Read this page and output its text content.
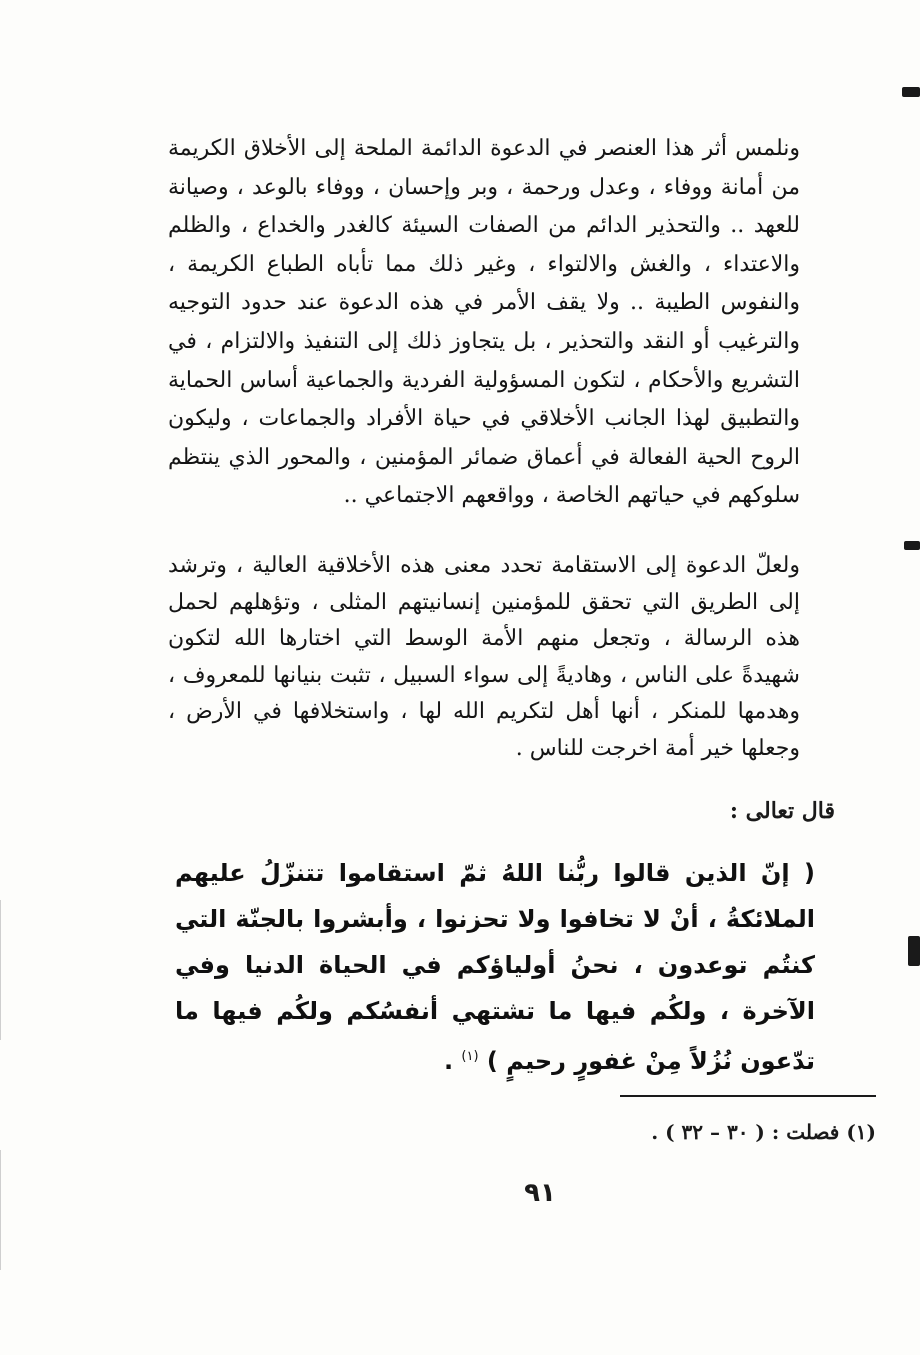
ونلمس أثر هذا العنصر في الدعوة الدائمة الملحة إلى الأخلاق الكريمة من أمانة ووفاء ، وعدل ورحمة ، وبر وإحسان ، ووفاء بالوعد ، وصيانة للعهد .. والتحذير الدائم من الصفات السيئة كالغدر والخداع ، والظلم والاعتداء ، والغش والالتواء ، وغير ذلك مما تأباه الطباع الكريمة ، والنفوس الطيبة .. ولا يقف الأمر في هذه الدعوة عند حدود التوجيه والترغيب أو النقد والتحذير ، بل يتجاوز ذلك إلى التنفيذ والالتزام ، في التشريع والأحكام ، لتكون المسؤولية الفردية والجماعية أساس الحماية والتطبيق لهذا الجانب الأخلاقي في حياة الأفراد والجماعات ، وليكون الروح الحية الفعالة في أعماق ضمائر المؤمنين ، والمحور الذي ينتظم سلوكهم في حياتهم الخاصة ، وواقعهم الاجتماعي ..
ولعلّ الدعوة إلى الاستقامة تحدد معنى هذه الأخلاقية العالية ، وترشد إلى الطريق التي تحقق للمؤمنين إنسانيتهم المثلى ، وتؤهلهم لحمل هذه الرسالة ، وتجعل منهم الأمة الوسط التي اختارها الله لتكون شهيدةً على الناس ، وهاديةً إلى سواء السبيل ، تثبت بنيانها للمعروف ، وهدمها للمنكر ، أنها أهل لتكريم الله لها ، واستخلافها في الأرض ، وجعلها خير أمة اخرجت للناس .
قال تعالى :
( إنّ الذين قالوا ربُّنا اللهُ ثمّ استقاموا تتنزّلُ عليهم الملائكةُ ، أنْ لا تخافوا ولا تحزنوا ، وأبشروا بالجنّة التي كنتُم توعدون ، نحنُ أولياؤكم في الحياة الدنيا وفي الآخرة ، ولكُم فيها ما تشتهي أنفسُكم ولكُم فيها ما تدّعون نُزُلاً مِنْ غفورٍ رحيمٍ ) $^{(١)}$ .
(١) فصلت : ( ٣٠ – ٣٢ ) .
٩١
